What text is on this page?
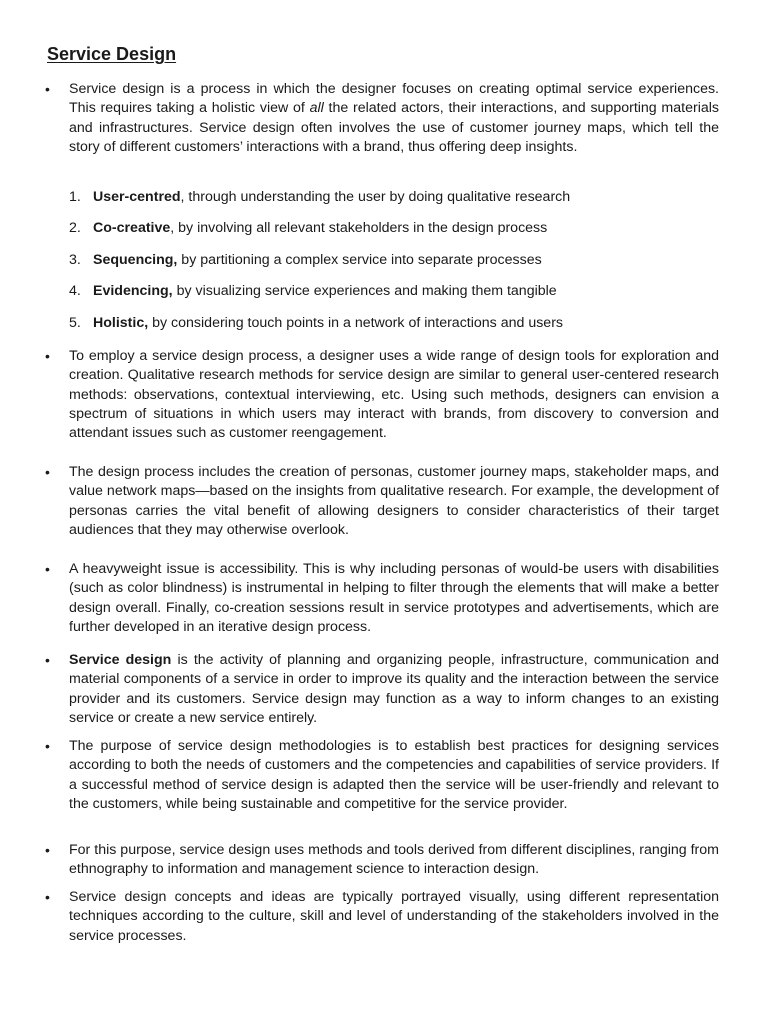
Service Design
• Service design is a process in which the designer focuses on creating optimal service experiences. This requires taking a holistic view of all the related actors, their interactions, and supporting materials and infrastructures. Service design often involves the use of customer journey maps, which tell the story of different customers’ interactions with a brand, thus offering deep insights.
1. User-centred, through understanding the user by doing qualitative research
2. Co-creative, by involving all relevant stakeholders in the design process
3. Sequencing, by partitioning a complex service into separate processes
4. Evidencing, by visualizing service experiences and making them tangible
5. Holistic, by considering touch points in a network of interactions and users
• To employ a service design process, a designer uses a wide range of design tools for exploration and creation. Qualitative research methods for service design are similar to general user-centered research methods: observations, contextual interviewing, etc. Using such methods, designers can envision a spectrum of situations in which users may interact with brands, from discovery to conversion and attendant issues such as customer reengagement.
• The design process includes the creation of personas, customer journey maps, stakeholder maps, and value network maps—based on the insights from qualitative research. For example, the development of personas carries the vital benefit of allowing designers to consider characteristics of their target audiences that they may otherwise overlook.
• A heavyweight issue is accessibility. This is why including personas of would-be users with disabilities (such as color blindness) is instrumental in helping to filter through the elements that will make a better design overall. Finally, co-creation sessions result in service prototypes and advertisements, which are further developed in an iterative design process.
• Service design is the activity of planning and organizing people, infrastructure, communication and material components of a service in order to improve its quality and the interaction between the service provider and its customers. Service design may function as a way to inform changes to an existing service or create a new service entirely.
• The purpose of service design methodologies is to establish best practices for designing services according to both the needs of customers and the competencies and capabilities of service providers. If a successful method of service design is adapted then the service will be user-friendly and relevant to the customers, while being sustainable and competitive for the service provider.
• For this purpose, service design uses methods and tools derived from different disciplines, ranging from ethnography to information and management science to interaction design.
• Service design concepts and ideas are typically portrayed visually, using different representation techniques according to the culture, skill and level of understanding of the stakeholders involved in the service processes.
